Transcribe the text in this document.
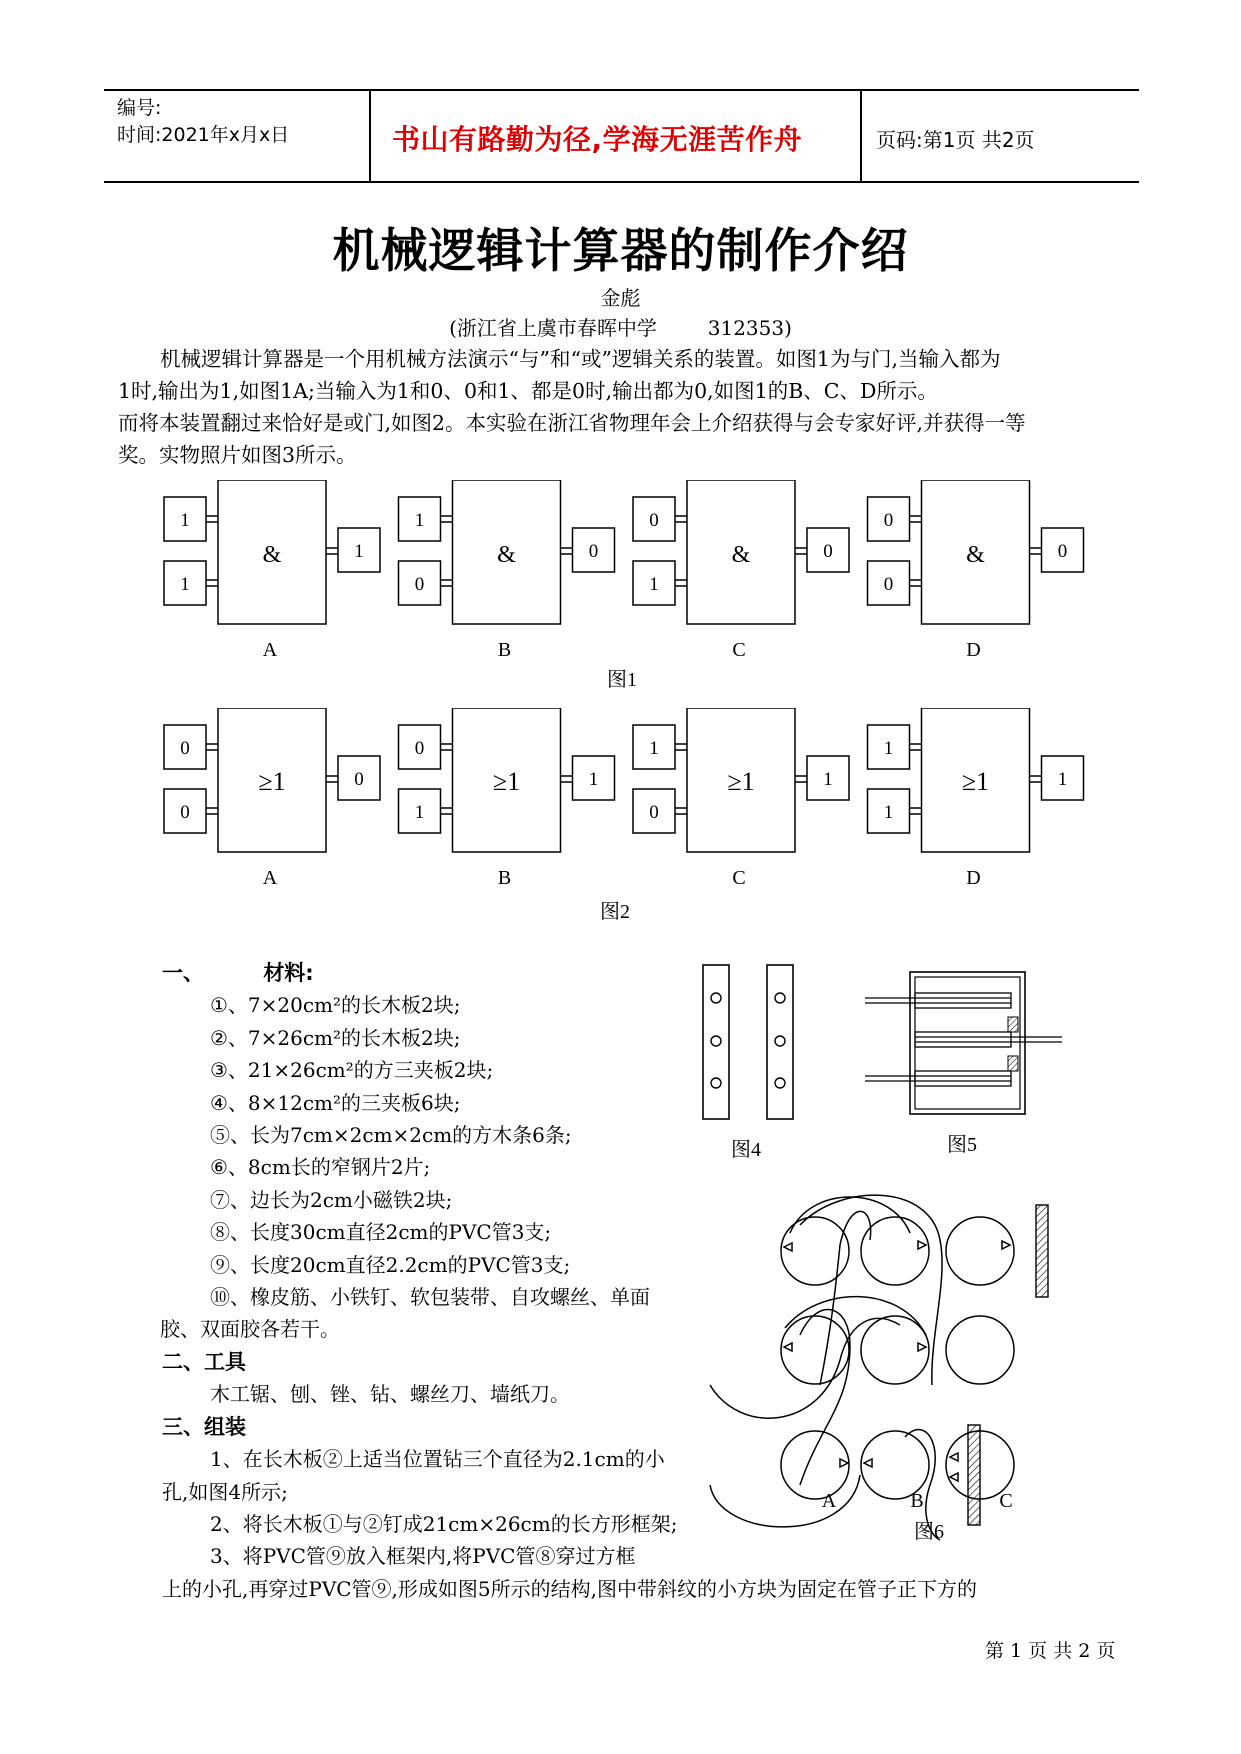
编号:
时间:2021年x月x日	书山有路勤为径,学海无涯苦作舟	页码:第1页 共2页
机械逻辑计算器的制作介绍
金彪
(浙江省上虞市春晖中学        312353)
机械逻辑计算器是一个用机械方法演示“与”和“或”逻辑关系的装置。如图1为与门,当输入都为
1时,输出为1,如图1A;当输入为1和0、0和1、都是0时,输出都为0,如图1的B、C、D所示。
而将本装置翻过来恰好是或门,如图2。本实验在浙江省物理年会上介绍获得与会专家好评,并获得一等
奖。实物照片如图3所示。
1
1
&	1
A
1
0
&	0
B
0
1
&	0
C
0
0
&	0
D
图1
0
0
≥1	0
A
0
1
≥1	1
B
1
0
≥1	1
C
1
1
≥1	1
D
图2
一、	材料:
①、7×20cm²的长木板2块;
②、7×26cm²的长木板2块;
③、21×26cm²的方三夹板2块;
④、8×12cm²的三夹板6块;
⑤、长为7cm×2cm×2cm的方木条6条;
⑥、8cm长的窄钢片2片;
⑦、边长为2cm小磁铁2块;
⑧、长度30cm直径2cm的PVC管3支;
⑨、长度20cm直径2.2cm的PVC管3支;
⑩、橡皮筋、小铁钉、软包装带、自攻螺丝、单面
胶、双面胶各若干。
二、工具
木工锯、刨、锉、钻、螺丝刀、墙纸刀。
三、组装
1、在长木板②上适当位置钻三个直径为2.1cm的小
孔,如图4所示;
2、将长木板①与②钉成21cm×26cm的长方形框架;
3、将PVC管⑨放入框架内,将PVC管⑧穿过方框
上的小孔,再穿过PVC管⑨,形成如图5所示的结构,图中带斜纹的小方块为固定在管子正下方的
图4	图5
A	B	C
图6
第 1 页 共 2 页
